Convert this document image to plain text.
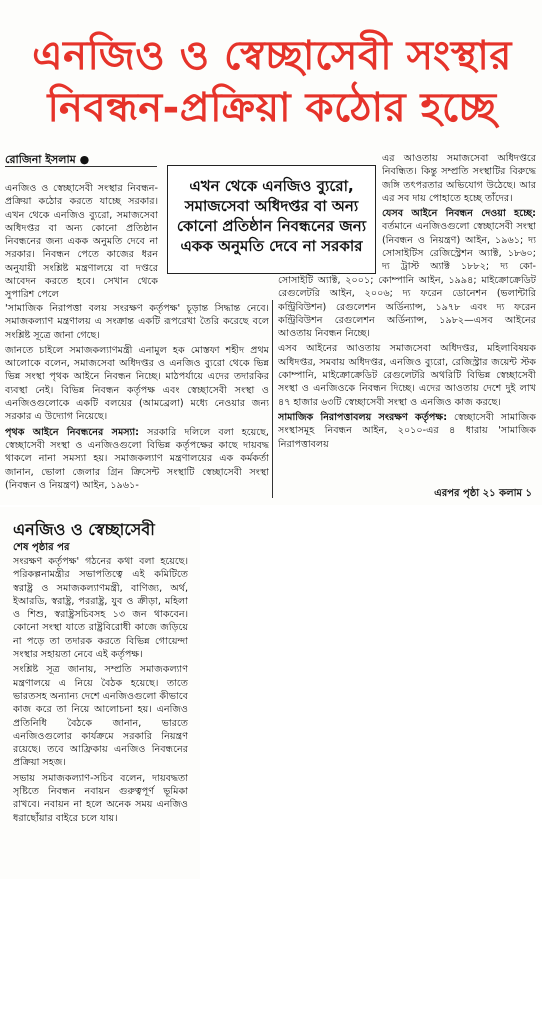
এনজিও ও স্বেচ্ছাসেবী সংস্থার
নিবন্ধন-প্রক্রিয়া কঠোর হচ্ছে
রোজিনা ইসলাম ●

এনজিও ও স্বেচ্ছাসেবী সংস্থার নিবন্ধন-প্রক্রিয়া কঠোর করতে যাচ্ছে সরকার। এখন থেকে এনজিও ব্যুরো, সমাজসেবা অধিদপ্তর বা অন্য কোনো প্রতিষ্ঠান নিবন্ধনের জন্য একক অনুমতি দেবে না সরকার। নিবন্ধন পেতে কাজের ধরন অনুযায়ী সংশ্লিষ্ট মন্ত্রণালয়ে বা দপ্তরে আবেদন করতে হবে। সেখান থেকে সুপারিশ পেলে

এখন থেকে এনজিও ব্যুরো, সমাজসেবা অধিদপ্তর বা অন্য কোনো প্রতিষ্ঠান নিবন্ধনের জন্য একক অনুমতি দেবে না সরকার

এর আওতায় সমাজসেবা অধিদপ্তরে নিবন্ধিত। কিন্তু সম্প্রতি সংস্থাটির বিরুদ্ধে জঙ্গি তৎপরতার অভিযোগ উঠেছে। আর এর সব দায় পোহাতে হচ্ছে তাঁদের।

যেসব আইনে নিবন্ধন দেওয়া হচ্ছে: বর্তমানে এনজিওগুলো স্বেচ্ছাসেবী সংস্থা (নিবন্ধন ও নিয়ন্ত্রণ) আইন, ১৯৬১; দ্য সোসাইটিস রেজিস্ট্রেশন অ্যাক্ট, ১৮৬০; দ্য ট্রাস্ট অ্যাক্ট ১৮৮২; দ্য কো-

'সামাজিক নিরাপত্তা বলয় সংরক্ষণ কর্তৃপক্ষ' চূড়ান্ত সিদ্ধান্ত নেবে। সমাজকল্যাণ মন্ত্রণালয় এ সংক্রান্ত একটি রূপরেখা তৈরি করেছে বলে সংশ্লিষ্ট সূত্রে জানা গেছে।

জানতে চাইলে সমাজকল্যাণমন্ত্রী এনামুল হক মোস্তফা শহীদ প্রথম আলোকে বলেন, সমাজসেবা অধিদপ্তর ও এনজিও ব্যুরো থেকে ভিন্ন ভিন্ন সংস্থা পৃথক আইনে নিবন্ধন নিচ্ছে। মাঠপর্যায়ে এদের তদারকির ব্যবস্থা নেই। বিভিন্ন নিবন্ধন কর্তৃপক্ষ এবং স্বেচ্ছাসেবী সংস্থা ও এনজিওগুলোকে একটি বলয়ের (আমব্রেলা) মধ্যে নেওয়ার জন্য সরকার এ উদ্যোগ নিয়েছে।

পৃথক আইনে নিবন্ধনের সমস্যা: সরকারি দলিলে বলা হয়েছে, স্বেচ্ছাসেবী সংস্থা ও এনজিওগুলো বিভিন্ন কর্তৃপক্ষের কাছে দায়বদ্ধ থাকলে নানা সমস্যা হয়। সমাজকল্যাণ মন্ত্রণালয়ের এক কর্মকর্তা জানান, ভোলা জেলার গ্রিন ক্রিসেন্ট সংস্থাটি স্বেচ্ছাসেবী সংস্থা (নিবন্ধন ও নিয়ন্ত্রণ) আইন, ১৯৬১-

সোসাইটি অ্যাক্ট, ২০০১; কোম্পানি আইন, ১৯৯৪; মাইক্রোক্রেডিট রেগুলেটরি আইন, ২০০৬; দ্য ফরেন ডোনেশন (ভলান্টারি কন্ট্রিবিউশন) রেগুলেশন অর্ডিন্যান্স, ১৯৭৮ এবং দ্য ফরেন কন্ট্রিবিউশন রেগুলেশন অর্ডিন্যান্স, ১৯৮২—এসব আইনের আওতায় নিবন্ধন নিচ্ছে।

এসব আইনের আওতায় সমাজসেবা অধিদপ্তর, মহিলাবিষয়ক অধিদপ্তর, সমবায় অধিদপ্তর, এনজিও ব্যুরো, রেজিস্ট্রার জয়েন্ট স্টক কোম্পানি, মাইক্রোক্রেডিট রেগুলেটরি অথরিটি বিভিন্ন স্বেচ্ছাসেবী সংস্থা ও এনজিওকে নিবন্ধন দিচ্ছে। এদের আওতায় দেশে দুই লাখ ৪৭ হাজার ৬৩টি স্বেচ্ছাসেবী সংস্থা ও এনজিও কাজ করছে।

সামাজিক নিরাপত্তাবলয় সংরক্ষণ কর্তৃপক্ষ: স্বেচ্ছাসেবী সামাজিক সংস্থাসমূহ নিবন্ধন আইন, ২০১০-এর ৪ ধারায় 'সামাজিক নিরাপত্তাবলয়

এরপর পৃষ্ঠা ২১ কলাম ১
এনজিও ও স্বেচ্ছাসেবী
শেষ পৃষ্ঠার পর

সংরক্ষণ কর্তৃপক্ষ' গঠনের কথা বলা হয়েছে। পরিকল্পনামন্ত্রীর সভাপতিত্বে এই কমিটিতে স্বরাষ্ট্র ও সমাজকল্যাণমন্ত্রী, বাণিজ্য, অর্থ, ইআরডি, স্বরাষ্ট্র, পররাষ্ট্র, যুব ও ক্রীড়া, মহিলা ও শিশু, স্বরাষ্ট্রসচিবসহ ১৩ জন থাকবেন। কোনো সংস্থা যাতে রাষ্ট্রবিরোধী কাজে জড়িয়ে না পড়ে তা তদারক করতে বিভিন্ন গোয়েন্দা সংস্থার সহায়তা নেবে এই কর্তৃপক্ষ।

সংশ্লিষ্ট সূত্র জানায়, সম্প্রতি সমাজকল্যাণ মন্ত্রণালয়ে এ নিয়ে বৈঠক হয়েছে। তাতে ভারতসহ অন্যান্য দেশে এনজিওগুলো কীভাবে কাজ করে তা নিয়ে আলোচনা হয়। এনজিও প্রতিনিধি বৈঠকে জানান, ভারতে এনজিওগুলোর কার্যক্রমে সরকারি নিয়ন্ত্রণ রয়েছে। তবে আফ্রিকায় এনজিও নিবন্ধনের প্রক্রিয়া সহজ।

সভায় সমাজকল্যাণ-সচিব বলেন, দায়বদ্ধতা সৃষ্টিতে নিবন্ধন নবায়ন গুরুত্বপূর্ণ ভূমিকা রাখবে। নবায়ন না হলে অনেক সময় এনজিও ধরাছোঁয়ার বাইরে চলে যায়।
